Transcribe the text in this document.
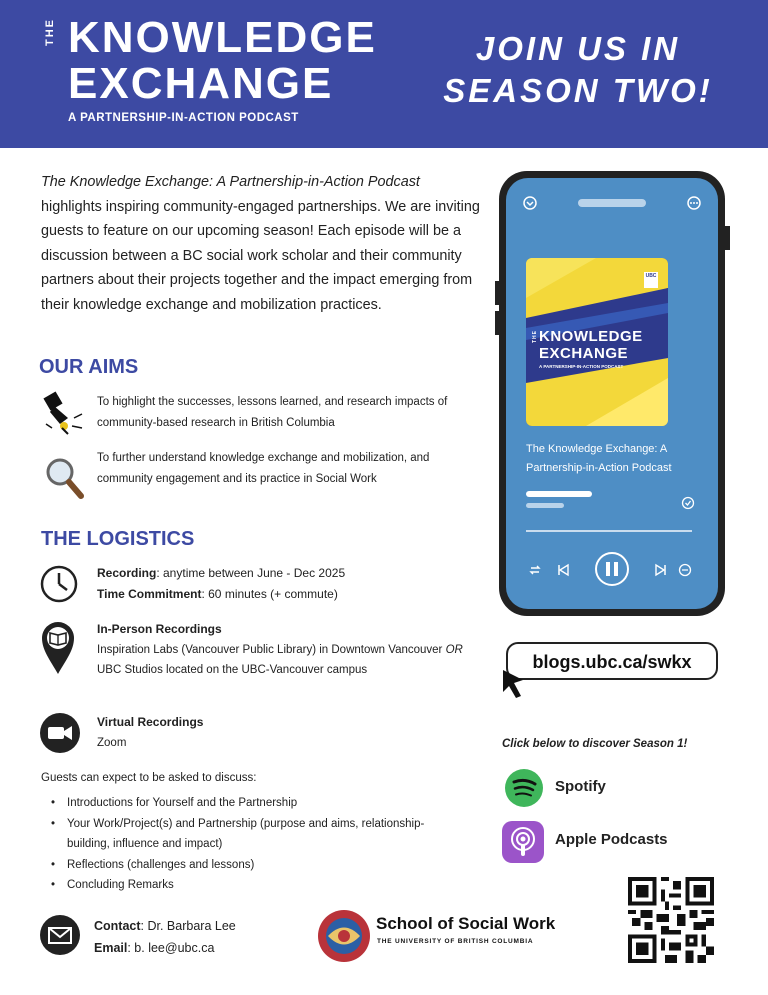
THE KNOWLEDGE
EXCHANGE
A PARTNERSHIP-IN-ACTION PODCAST
JOIN US IN
SEASON TWO!
The Knowledge Exchange: A Partnership-in-Action Podcast highlights inspiring community-engaged partnerships. We are inviting guests to feature on our upcoming season! Each episode will be a discussion between a BC social work scholar and their community partners about their projects together and the impact emerging from their knowledge exchange and mobilization practices.
OUR AIMS
To highlight the successes, lessons learned, and research impacts of community-based research in British Columbia
To further understand knowledge exchange and mobilization, and community engagement and its practice in Social Work
THE LOGISTICS
Recording: anytime between June - Dec 2025
Time Commitment: 60 minutes (+ commute)
In-Person Recordings
Inspiration Labs (Vancouver Public Library) in Downtown Vancouver OR UBC Studios located on the UBC-Vancouver campus
Virtual Recordings
Zoom
Guests can expect to be asked to discuss:
• Introductions for Yourself and the Partnership
• Your Work/Project(s) and Partnership (purpose and aims, relationship-building, influence and impact)
• Reflections (challenges and lessons)
• Concluding Remarks
Contact: Dr. Barbara Lee
Email: b. lee@ubc.ca
School of Social Work
THE UNIVERSITY OF BRITISH COLUMBIA
UBC
THE KNOWLEDGE
EXCHANGE
A PARTNERSHIP-IN-ACTION PODCAST
The Knowledge Exchange: A Partnership-in-Action Podcast
blogs.ubc.ca/swkx
Click below to discover Season 1!
Spotify
Apple Podcasts
